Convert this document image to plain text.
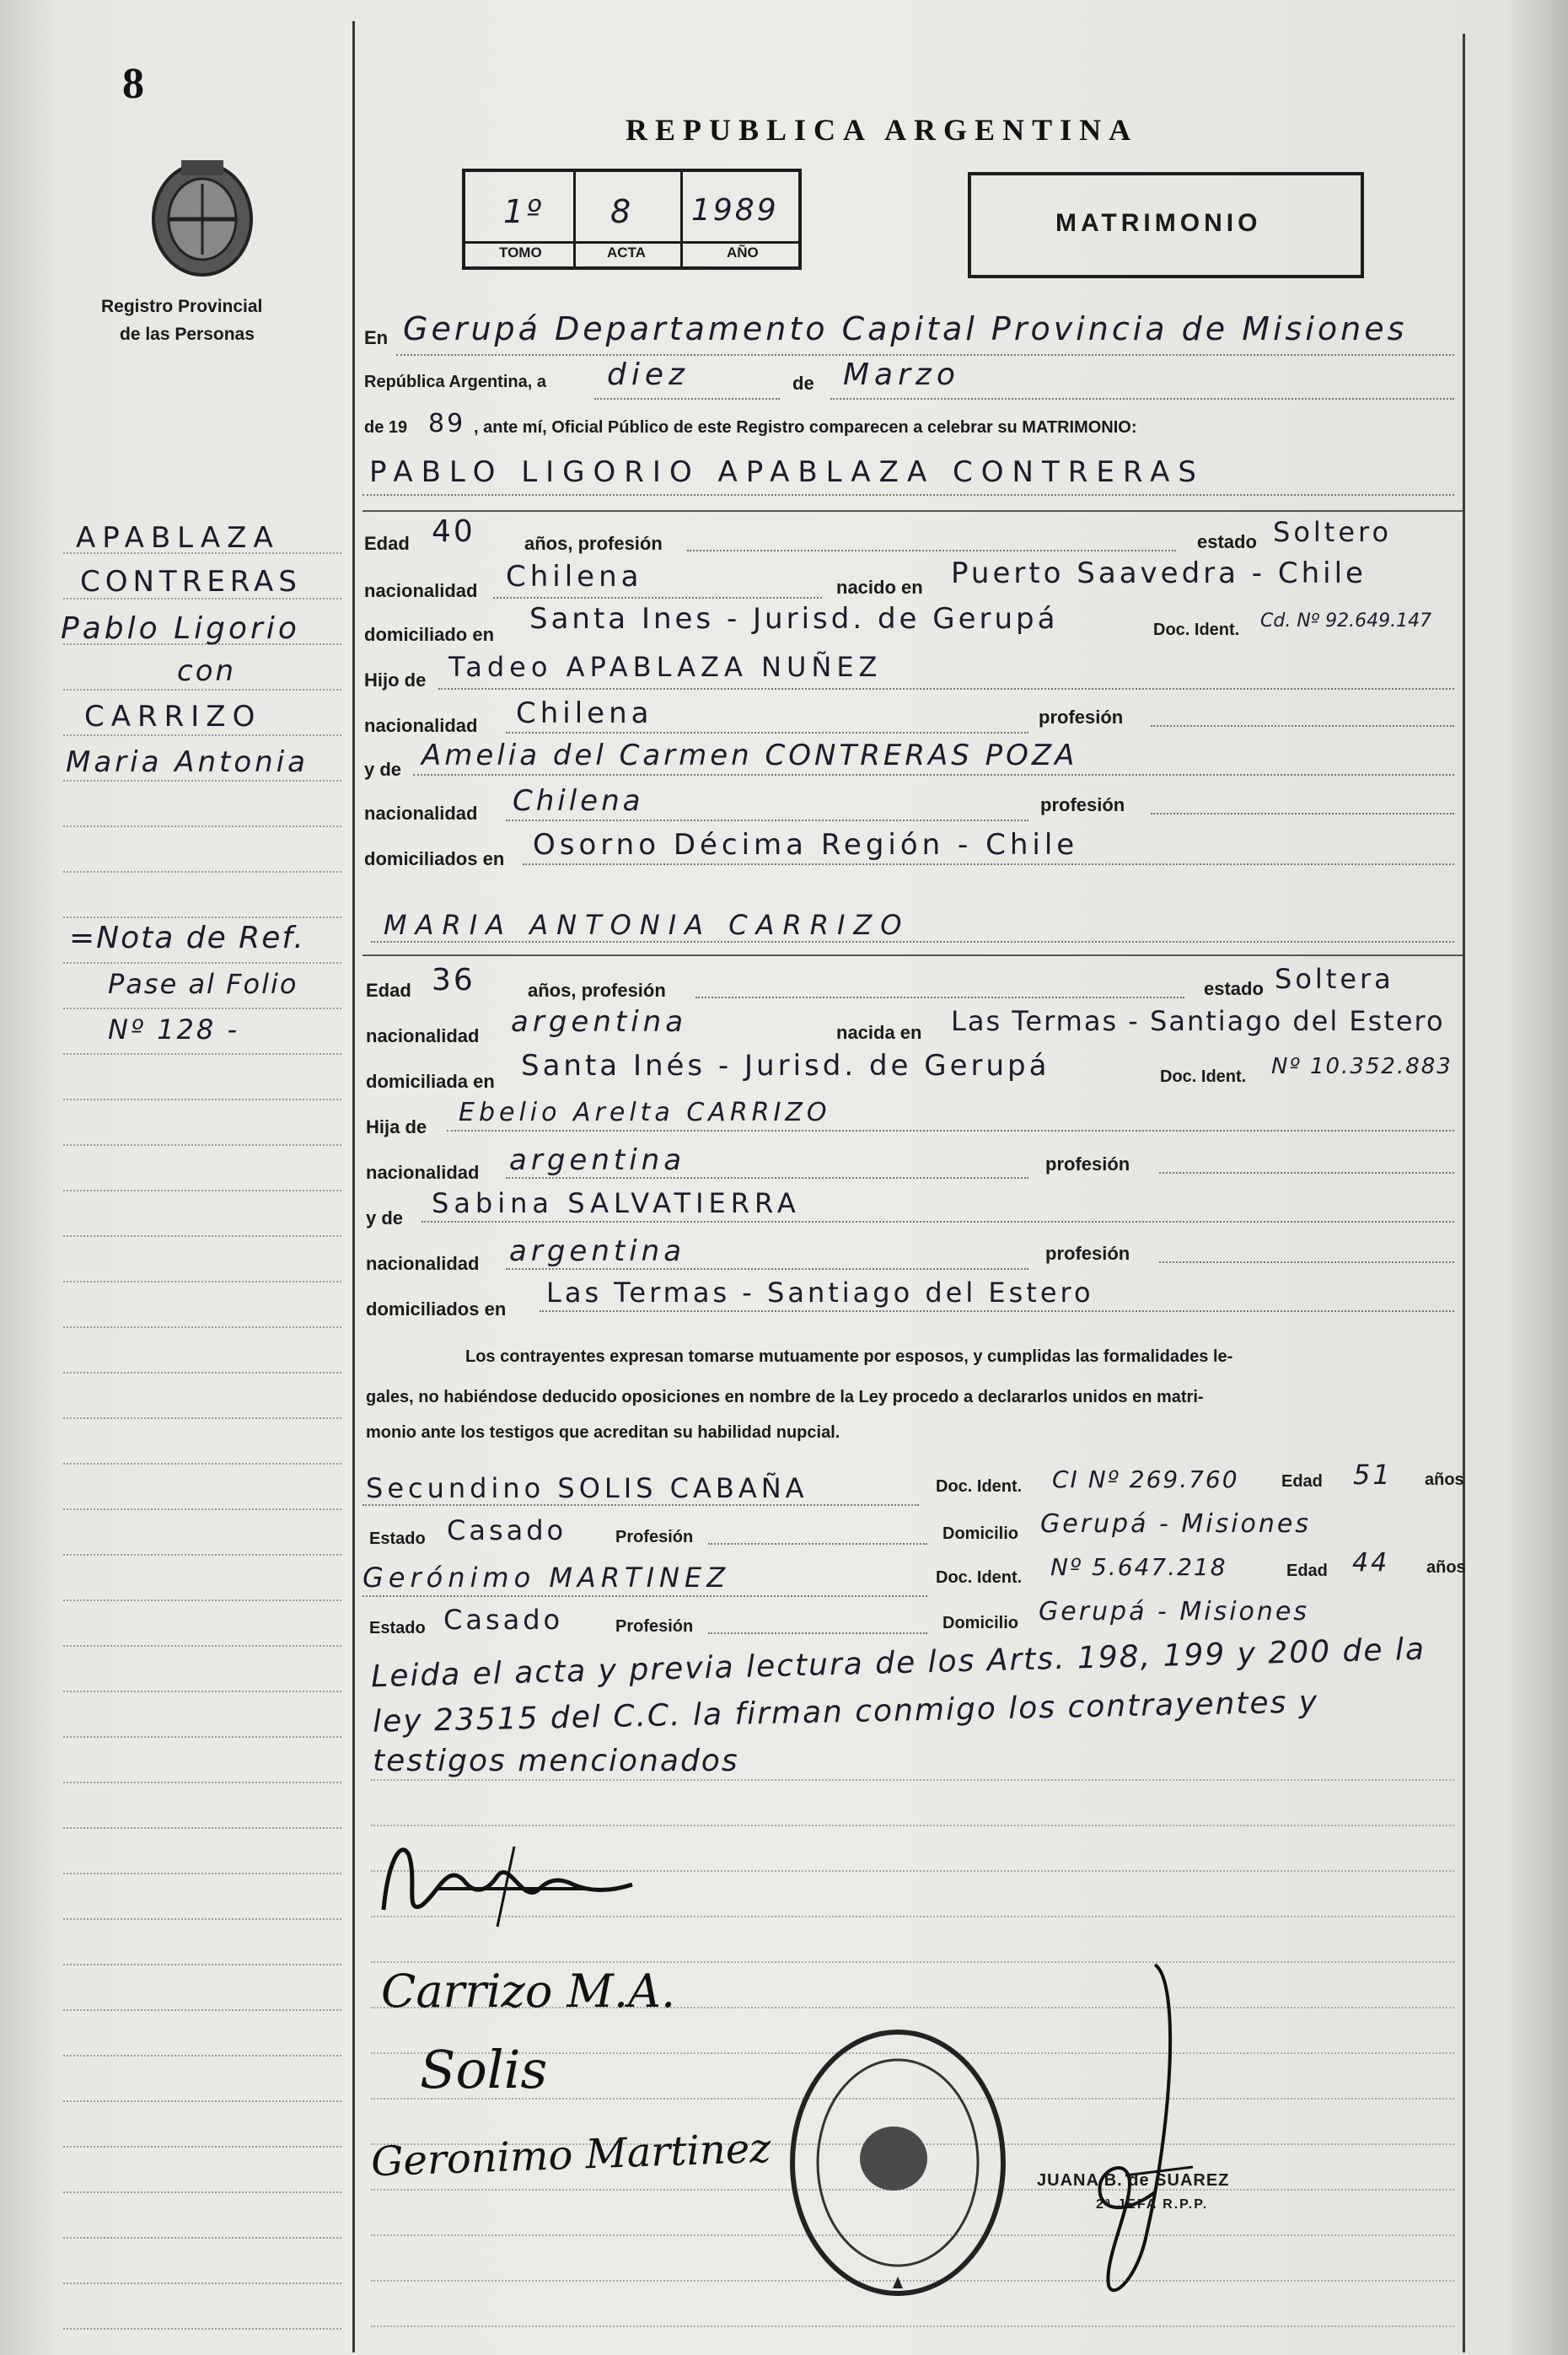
8
Registro Provincial
de las Personas
REPUBLICA ARGENTINA
1º 8 1989
TOMO	ACTA	AÑO
MATRIMONIO
APABLAZA
CONTRERAS
Pablo Ligorio
con
CARRIZO
Maria Antonia
=Nota de Ref.
Pase al Folio
Nº 128 -
En Gerupá Departamento Capital Provincia de Misiones
República Argentina, a diez	de Marzo
de 19 89 , ante mí, Oficial Público de este Registro comparecen a celebrar su MATRIMONIO:
PABLO LIGORIO APABLAZA CONTRERAS
Edad 40	años, profesión	estado Soltero
nacionalidad Chilena	nacido en Puerto Saavedra - Chile
domiciliado en Santa Ines - Jurisd. de Gerupá	Doc. Ident. Cd. Nº 92.649.147
Hijo de Tadeo APABLAZA NUÑEZ
nacionalidad Chilena	profesión
y de Amelia del Carmen CONTRERAS POZA
nacionalidad Chilena	profesión
domiciliados en Osorno Décima Región - Chile
MARIA ANTONIA CARRIZO
Edad 36	años, profesión	estado Soltera
nacionalidad argentina	nacida en Las Termas - Santiago del Estero
domiciliada en Santa Inés - Jurisd. de Gerupá	Doc. Ident. Nº 10.352.883
Hija de Ebelio Arelta CARRIZO
nacionalidad argentina	profesión
y de Sabina SALVATIERRA
nacionalidad argentina	profesión
domiciliados en
Las Termas - Santiago del Estero
Los contrayentes expresan tomarse mutuamente por esposos, y cumplidas las formalidades le-
gales, no habiéndose deducido oposiciones en nombre de la Ley procedo a declararlos unidos en matri-
monio ante los testigos que acreditan su habilidad nupcial.
Secundino SOLIS CABAÑA	Doc. Ident. CI Nº 269.760	Edad 51 años
Estado Casado	Profesión	Domicilio Gerupá - Misiones
Gerónimo MARTINEZ	Doc. Ident. Nº 5.647.218	Edad 44 años
Estado Casado	Profesión	Domicilio Gerupá - Misiones
Leida el acta y previa lectura de los Arts. 198, 199 y 200 de la
ley 23515 del C.C. la firman conmigo los contrayentes y
testigos mencionados
Carrizo M.A.
Solis
Geronimo Martinez	JUANA B. de SUAREZ
2ª JEFA R.P.P.
